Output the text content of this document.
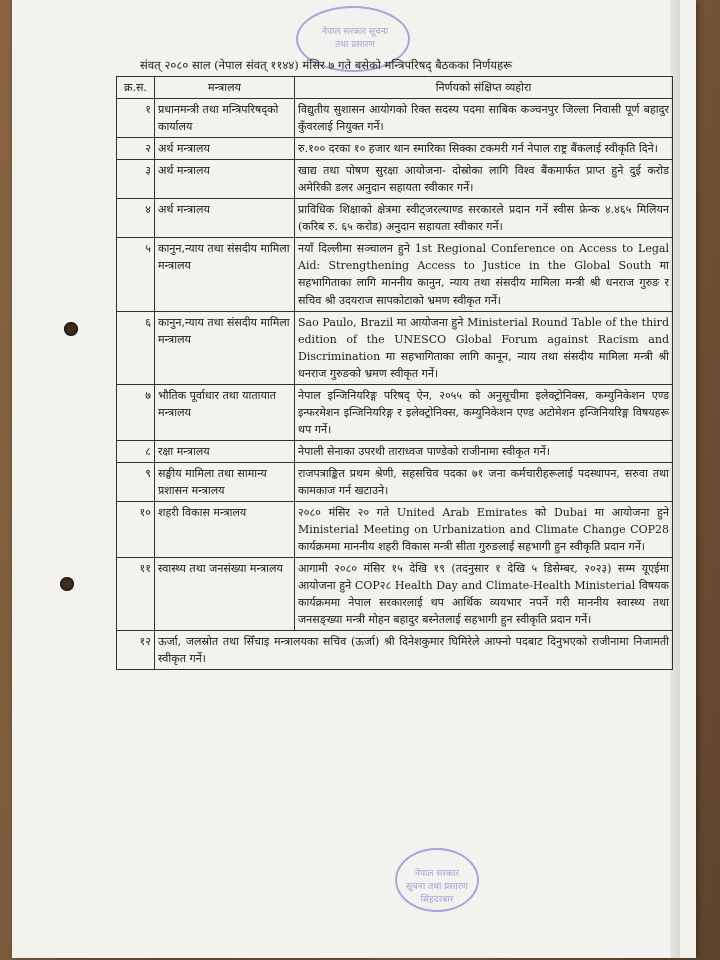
नेपाल सरकार सूचना तथा प्रसारण
संवत् २०८० साल (नेपाल संवत् ११४४) मंसिर ७ गते बसेको मन्त्रिपरिषद् बैठकका निर्णयहरू
क्र.स.	मन्त्रालय	निर्णयको संक्षिप्त व्यहोरा
१	प्रधानमन्त्री तथा मन्त्रिपरिषद्को कार्यालय	विद्युतीय सुशासन आयोगको रिक्त सदस्य पदमा साबिक कञ्चनपुर जिल्ला निवासी पूर्ण बहादुर कुँवरलाई नियुक्त गर्ने।
२	अर्थ मन्त्रालय	रु.१०० दरका १० हजार थान स्मारिका सिक्का टकमरी गर्न नेपाल राष्ट्र बैंकलाई स्वीकृति दिने।
३	अर्थ मन्त्रालय	खाद्य तथा पोषण सुरक्षा आयोजना- दोस्रोका लागि विश्व बैंकमार्फत प्राप्त हुने दुई करोड अमेरिकी डलर अनुदान सहायता स्वीकार गर्ने।
४	अर्थ मन्त्रालय	प्राविधिक शिक्षाको क्षेत्रमा स्वीट्जरल्याण्ड सरकारले प्रदान गर्ने स्वीस फ्रेन्क ४.४६५ मिलियन (करिब रु. ६५ करोड) अनुदान सहायता स्वीकार गर्ने।
५	कानुन,न्याय तथा संसदीय मामिला मन्त्रालय	नयाँ दिल्लीमा सञ्चालन हुने 1st Regional Conference on Access to Legal Aid: Strengthening Access to Justice in the Global South मा सहभागिताका लागि माननीय कानुन, न्याय तथा संसदीय मामिला मन्त्री श्री धनराज गुरुङ र सचिव श्री उदयराज सापकोटाको भ्रमण स्वीकृत गर्ने।
६	कानुन,न्याय तथा संसदीय मामिला मन्त्रालय	Sao Paulo, Brazil मा आयोजना हुने Ministerial Round Table of the third edition of the UNESCO Global Forum against Racism and Discrimination मा सहभागिताका लागि कानून, न्याय तथा संसदीय मामिला मन्त्री श्री धनराज गुरुङको भ्रमण स्वीकृत गर्ने।
७	भौतिक पूर्वाधार तथा यातायात मन्त्रालय	नेपाल इन्जिनियरिङ्ग परिषद् ऐन, २०५५ को अनुसूचीमा इलेक्ट्रोनिक्स, कम्युनिकेशन एण्ड इन्फरमेशन इन्जिनियरिङ्ग र इलेक्ट्रोनिक्स, कम्युनिकेशन एण्ड अटोमेशन इन्जिनियरिङ्ग विषयहरू थप गर्ने।
८	रक्षा मन्त्रालय	नेपाली सेनाका उपरथी ताराध्वज पाण्डेको राजीनामा स्वीकृत गर्ने।
९	सङ्घीय मामिला तथा सामान्य प्रशासन मन्त्रालय	राजपत्राङ्कित प्रथम श्रेणी, सहसचिव पदका ७१ जना कर्मचारीहरूलाई पदस्थापन, सरुवा तथा कामकाज गर्न खटाउने।
१०	शहरी विकास मन्त्रालय	२०८० मंसिर २० गते United Arab Emirates को Dubai मा आयोजना हुने Ministerial Meeting on Urbanization and Climate Change COP28 कार्यक्रममा माननीय शहरी विकास मन्त्री सीता गुरुङलाई सहभागी हुन स्वीकृति प्रदान गर्ने।
११	स्वास्थ्य तथा जनसंख्या मन्त्रालय	आगामी २०८० मंसिर १५ देखि १९ (तदनुसार १ देखि ५ डिसेम्बर, २०२३) सम्म यूएईमा आयोजना हुने COP२८ Health Day and Climate-Health Ministerial विषयक कार्यक्रममा नेपाल सरकारलाई थप आर्थिक व्ययभार नपर्ने गरी माननीय स्वास्थ्य तथा जनसङ्ख्या मन्त्री मोहन बहादुर बस्नेतलाई सहभागी हुन स्वीकृति प्रदान गर्ने।
१२	ऊर्जा, जलस्रोत तथा सिँचाइ मन्त्रालयका सचिव (ऊर्जा) श्री दिनेशकुमार घिमिरेले आफ्नो पदबाट दिनुभएको राजीनामा निजामती स्वीकृत गर्ने।	
नेपाल सरकार सूचना तथा प्रसारण सिंहदरबार
